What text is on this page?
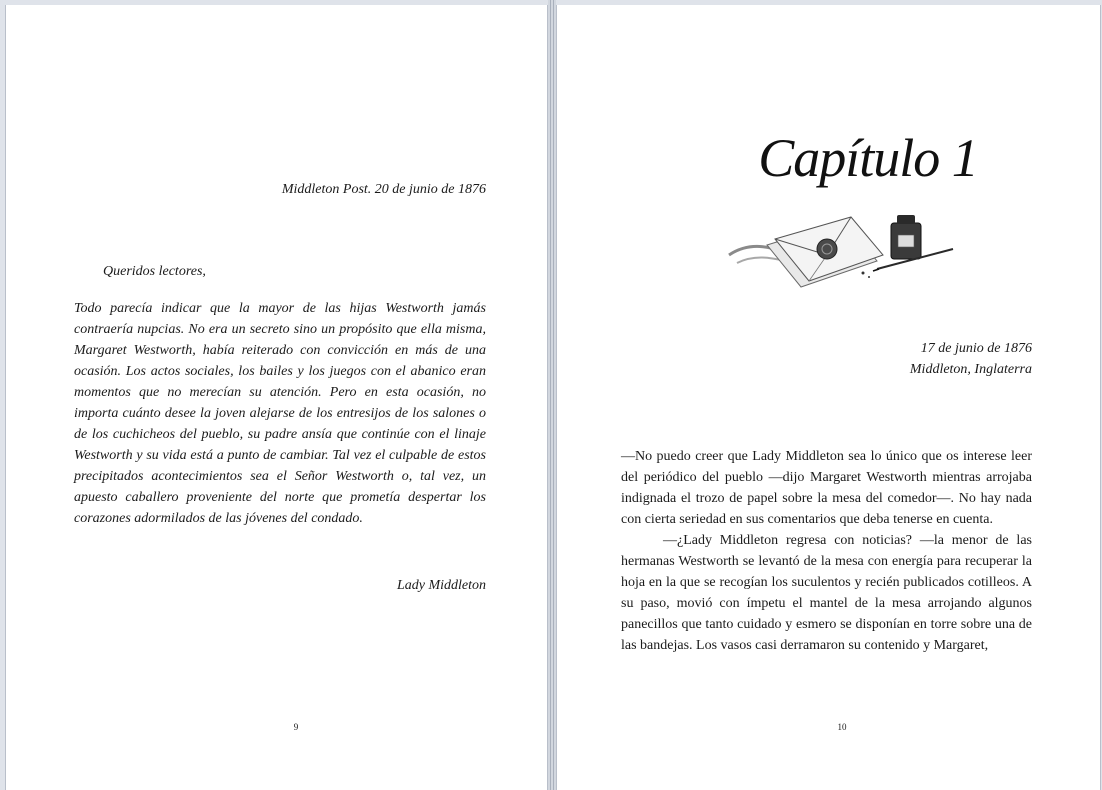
Middleton Post. 20 de junio de 1876
Queridos lectores,
Todo parecía indicar que la mayor de las hijas Westworth jamás contraería nupcias. No era un secreto sino un propósito que ella misma, Margaret Westworth, había reiterado con convicción en más de una ocasión. Los actos sociales, los bailes y los juegos con el abanico eran momentos que no merecían su atención. Pero en esta ocasión, no importa cuánto desee la joven alejarse de los entresijos de los salones o de los cuchicheos del pueblo, su padre ansía que continúe con el linaje Westworth y su vida está a punto de cambiar. Tal vez el culpable de estos precipitados acontecimientos sea el Señor Westworth o, tal vez, un apuesto caballero proveniente del norte que prometía despertar los corazones adormilados de las jóvenes del condado.
Lady Middleton
9
Capítulo 1
17 de junio de 1876
Middleton, Inglaterra

—No puedo creer que Lady Middleton sea lo único que os interese leer del periódico del pueblo —dijo Margaret Westworth mientras arrojaba indignada el trozo de papel sobre la mesa del comedor—. No hay nada con cierta seriedad en sus comentarios que deba tenerse en cuenta.

—¿Lady Middleton regresa con noticias? —la menor de las hermanas Westworth se levantó de la mesa con energía para recuperar la hoja en la que se recogían los suculentos y recién publicados cotilleos. A su paso, movió con ímpetu el mantel de la mesa arrojando algunos panecillos que tanto cuidado y esmero se disponían en torre sobre una de las bandejas. Los vasos casi derramaron su contenido y Margaret,

10
